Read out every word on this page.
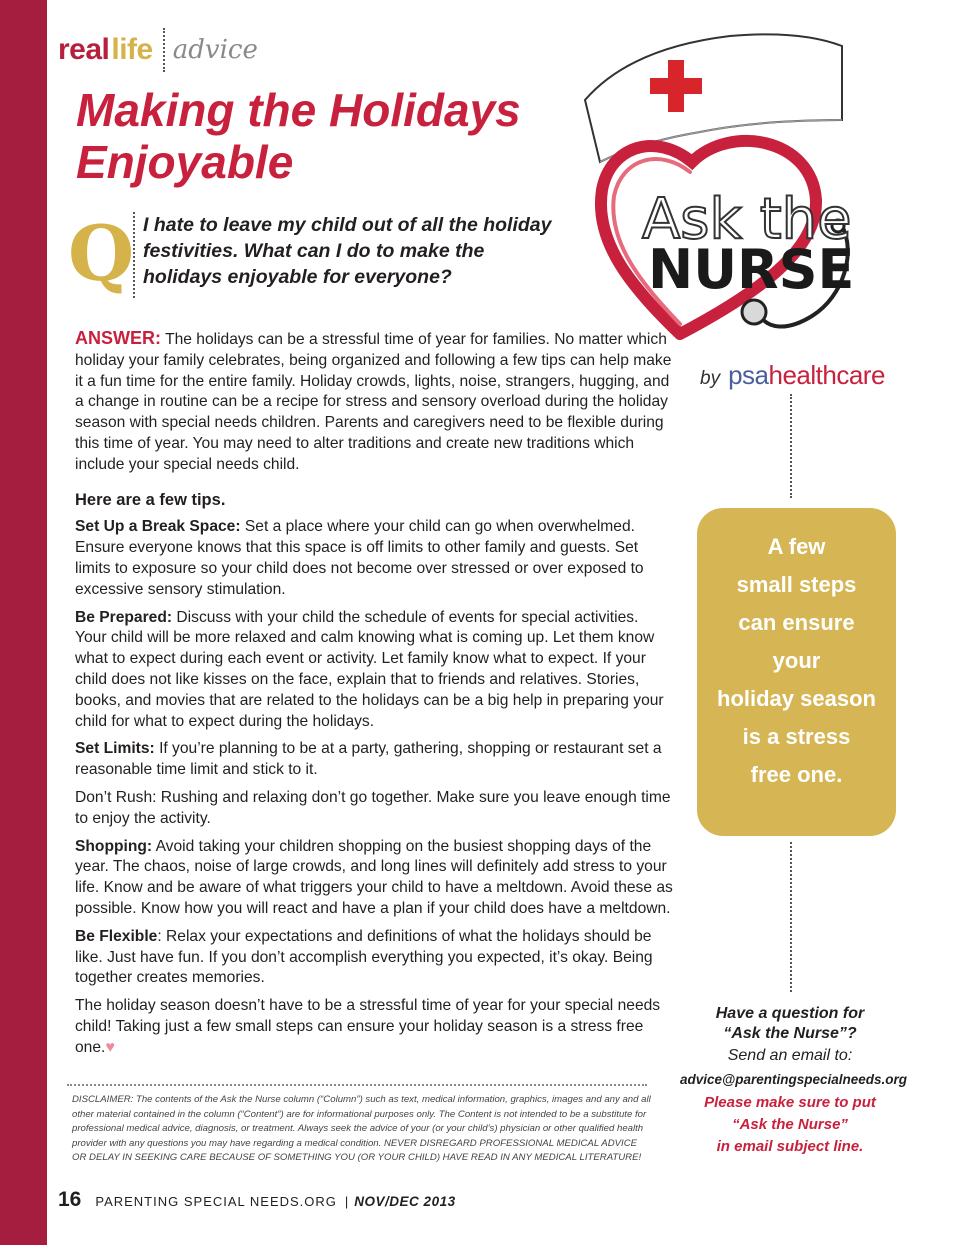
real life advice
Making the Holidays Enjoyable
Q I hate to leave my child out of all the holiday festivities. What can I do to make the holidays enjoyable for everyone?

ANSWER: The holidays can be a stressful time of year for families. No matter which holiday your family celebrates, being organized and following a few tips can help make it a fun time for the entire family. Holiday crowds, lights, noise, strangers, hugging, and a change in routine can be a recipe for stress and sensory overload during the holiday season with special needs children. Parents and caregivers need to be flexible during this time of year. You may need to alter traditions and create new traditions which include your special needs child.

Here are a few tips.

Set Up a Break Space: Set a place where your child can go when overwhelmed. Ensure everyone knows that this space is off limits to other family and guests. Set limits to exposure so your child does not become over stressed or over exposed to excessive sensory stimulation.

Be Prepared: Discuss with your child the schedule of events for special activities. Your child will be more relaxed and calm knowing what is coming up. Let them know what to expect during each event or activity. Let family know what to expect. If your child does not like kisses on the face, explain that to friends and relatives. Stories, books, and movies that are related to the holidays can be a big help in preparing your child for what to expect during the holidays.

Set Limits: If you’re planning to be at a party, gathering, shopping or restaurant set a reasonable time limit and stick to it.

Don’t Rush: Rushing and relaxing don’t go together. Make sure you leave enough time to enjoy the activity.

Shopping: Avoid taking your children shopping on the busiest shopping days of the year. The chaos, noise of large crowds, and long lines will definitely add stress to your life. Know and be aware of what triggers your child to have a meltdown. Avoid these as possible. Know how you will react and have a plan if your child does have a meltdown.

Be Flexible: Relax your expectations and definitions of what the holidays should be like. Just have fun. If you don’t accomplish everything you expected, it’s okay. Being together creates memories.

The holiday season doesn’t have to be a stressful time of year for your special needs child! Taking just a few small steps can ensure your holiday season is a stress free one.♥

DISCLAIMER: The contents of the Ask the Nurse column (“Column”) such as text, medical information, graphics, images and any and all other material contained in the column (“Content”) are for informational purposes only. The Content is not intended to be a substitute for professional medical advice, diagnosis, or treatment. Always seek the advice of your (or your child’s) physician or other qualified health provider with any questions you may have regarding a medical condition. NEVER DISREGARD PROFESSIONAL MEDICAL ADVICE OR DELAY IN SEEKING CARE BECAUSE OF SOMETHING YOU (OR YOUR CHILD) HAVE READ IN ANY MEDICAL LITERATURE!
16 PARENTING SPECIAL NEEDS.ORG | NOV/DEC 2013
Ask the
NURSE
by psa healthcare
A few
small steps
can ensure
your
holiday season
is a stress
free one.
Have a question for
“Ask the Nurse”?
Send an email to:
advice@parentingspecialneeds.org
Please make sure to put
“Ask the Nurse”
in email subject line.
